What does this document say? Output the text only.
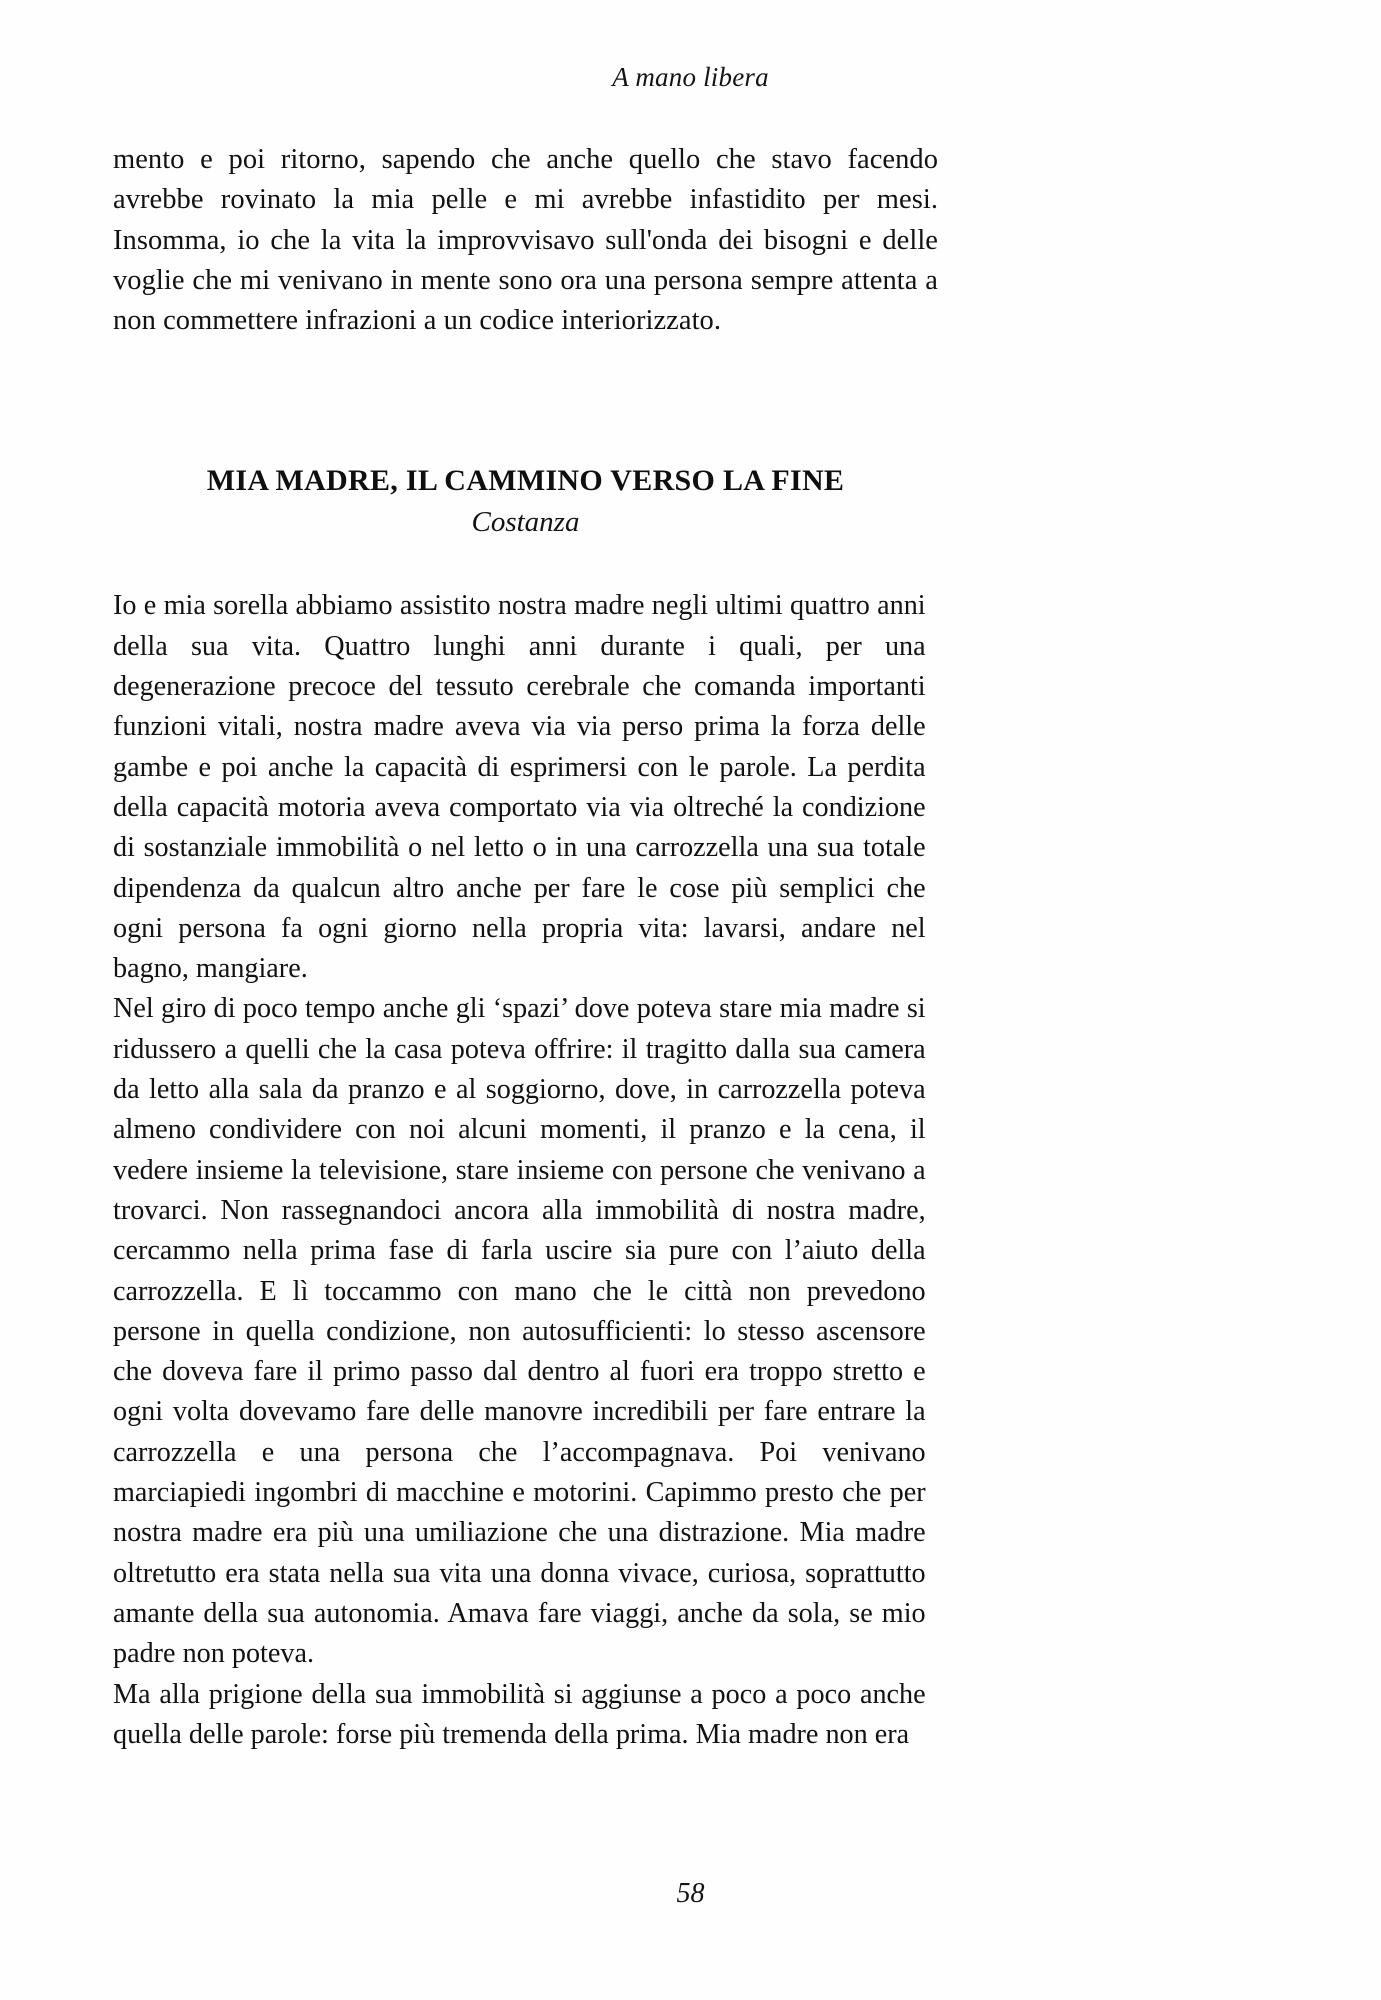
A mano libera

mento e poi ritorno, sapendo che anche quello che stavo facendo avrebbe rovinato la mia pelle e mi avrebbe infastidito per mesi. Insomma, io che la vita la improvvisavo sull'onda dei bisogni e delle voglie che mi venivano in mente sono ora una persona sempre attenta a non commettere infrazioni a un codice interiorizzato.

MIA MADRE, IL CAMMINO VERSO LA FINE

Costanza

Io e mia sorella abbiamo assistito nostra madre negli ultimi quattro anni della sua vita. Quattro lunghi anni durante i quali, per una degenerazione precoce del tessuto cerebrale che comanda importanti funzioni vitali, nostra madre aveva via via perso prima la forza delle gambe e poi anche la capacità di esprimersi con le parole. La perdita della capacità motoria aveva comportato via via oltreché la condizione di sostanziale immobilità o nel letto o in una carrozzella una sua totale dipendenza da qualcun altro anche per fare le cose più semplici che ogni persona fa ogni giorno nella propria vita: lavarsi, andare nel bagno, mangiare.

Nel giro di poco tempo anche gli ‘spazi’ dove poteva stare mia madre si ridussero a quelli che la casa poteva offrire: il tragitto dalla sua camera da letto alla sala da pranzo e al soggiorno, dove, in carrozzella poteva almeno condividere con noi alcuni momenti, il pranzo e la cena, il vedere insieme la televisione, stare insieme con persone che venivano a trovarci. Non rassegnandoci ancora alla immobilità di nostra madre, cercammo nella prima fase di farla uscire sia pure con l’aiuto della carrozzella. E lì toccammo con mano che le città non prevedono persone in quella condizione, non autosufficienti: lo stesso ascensore che doveva fare il primo passo dal dentro al fuori era troppo stretto e ogni volta dovevamo fare delle manovre incredibili per fare entrare la carrozzella e una persona che l’accompagnava. Poi venivano marciapiedi ingombri di macchine e motorini. Capimmo presto che per nostra madre era più una umiliazione che una distrazione. Mia madre oltretutto era stata nella sua vita una donna vivace, curiosa, soprattutto amante della sua autonomia. Amava fare viaggi, anche da sola, se mio padre non poteva.

Ma alla prigione della sua immobilità si aggiunse a poco a poco anche quella delle parole: forse più tremenda della prima. Mia madre non era

58
